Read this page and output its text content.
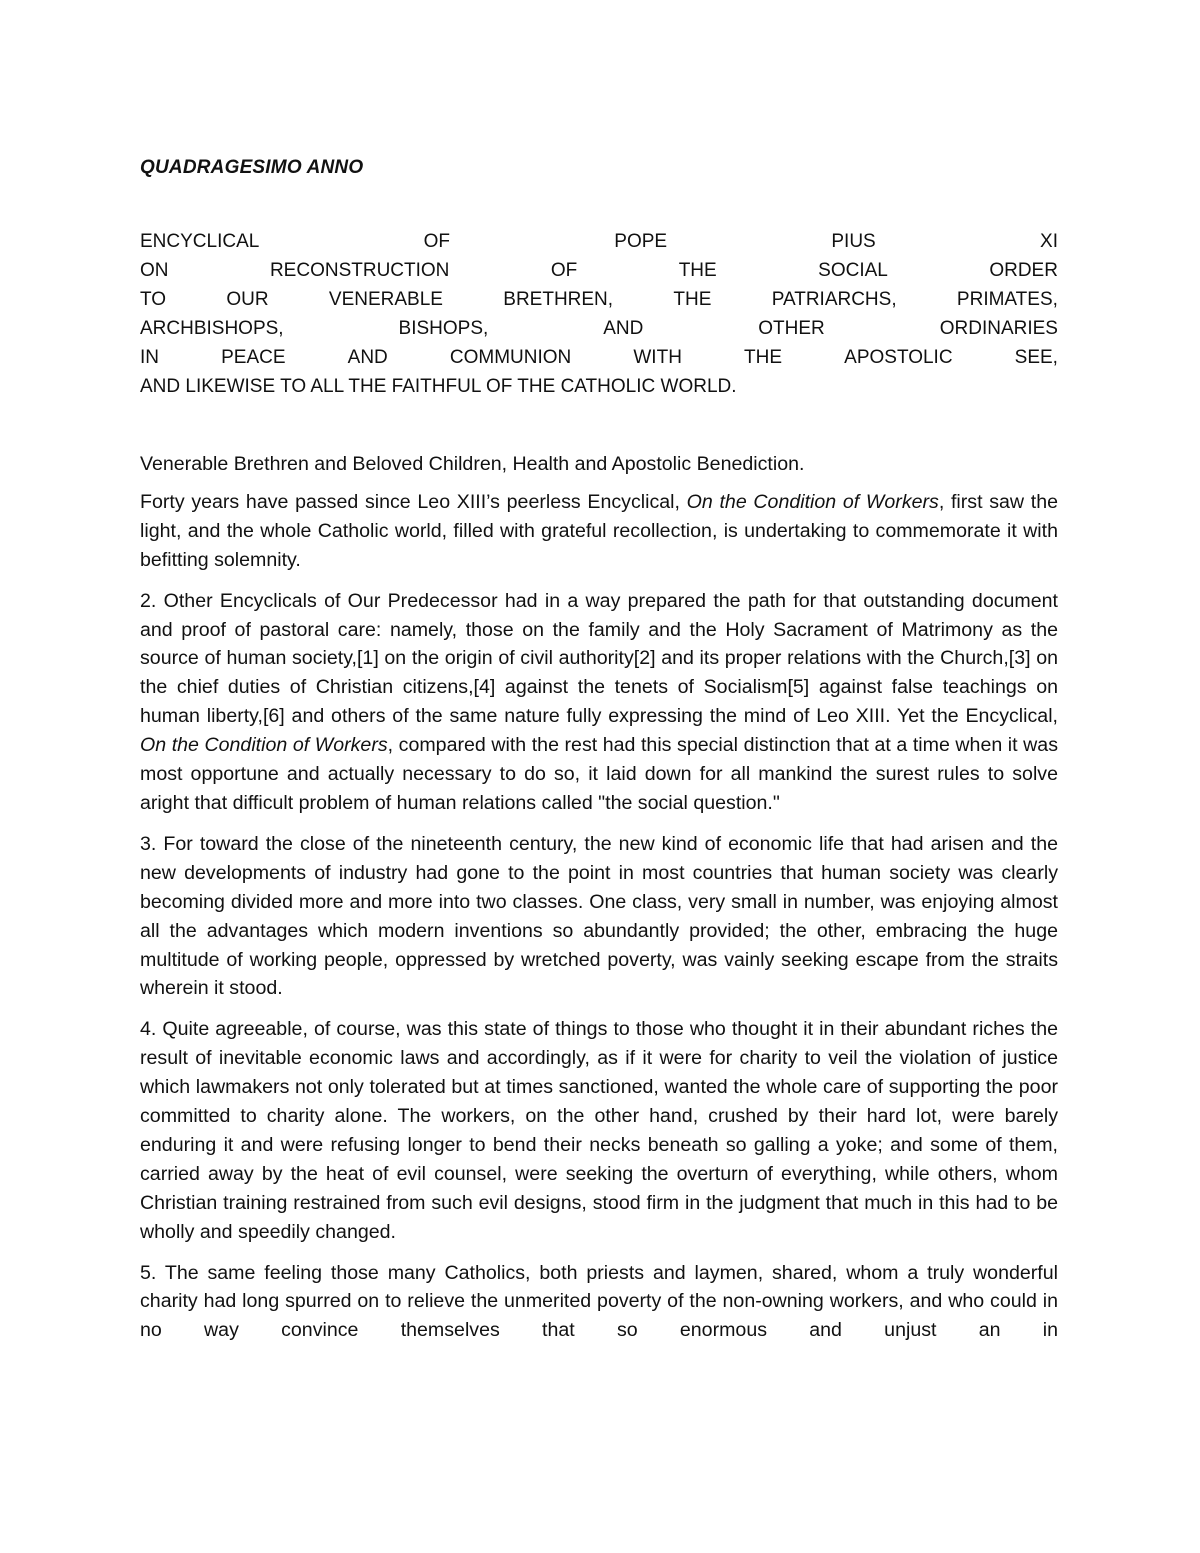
QUADRAGESIMO ANNO
ENCYCLICAL	OF	POPE	PIUS	XI
ON	RECONSTRUCTION	OF	THE	SOCIAL	ORDER
TO	OUR	VENERABLE	BRETHREN,	THE	PATRIARCHS,	PRIMATES,
ARCHBISHOPS,	BISHOPS,	AND	OTHER	ORDINARIES
IN	PEACE	AND	COMMUNION	WITH	THE	APOSTOLIC	SEE,
AND LIKEWISE TO ALL THE FAITHFUL OF THE CATHOLIC WORLD.

Venerable Brethren and Beloved Children, Health and Apostolic Benediction.

Forty years have passed since Leo XIII’s peerless Encyclical, On the Condition of Workers, first saw the light, and the whole Catholic world, filled with grateful recollection, is undertaking to commemorate it with befitting solemnity.

2. Other Encyclicals of Our Predecessor had in a way prepared the path for that outstanding document and proof of pastoral care: namely, those on the family and the Holy Sacrament of Matrimony as the source of human society,[1] on the origin of civil authority[2] and its proper relations with the Church,[3] on the chief duties of Christian citizens,[4] against the tenets of Socialism[5] against false teachings on human liberty,[6] and others of the same nature fully expressing the mind of Leo XIII. Yet the Encyclical, On the Condition of Workers, compared with the rest had this special distinction that at a time when it was most opportune and actually necessary to do so, it laid down for all mankind the surest rules to solve aright that difficult problem of human relations called "the social question."

3. For toward the close of the nineteenth century, the new kind of economic life that had arisen and the new developments of industry had gone to the point in most countries that human society was clearly becoming divided more and more into two classes. One class, very small in number, was enjoying almost all the advantages which modern inventions so abundantly provided; the other, embracing the huge multitude of working people, oppressed by wretched poverty, was vainly seeking escape from the straits wherein it stood.

4. Quite agreeable, of course, was this state of things to those who thought it in their abundant riches the result of inevitable economic laws and accordingly, as if it were for charity to veil the violation of justice which lawmakers not only tolerated but at times sanctioned, wanted the whole care of supporting the poor committed to charity alone. The workers, on the other hand, crushed by their hard lot, were barely enduring it and were refusing longer to bend their necks beneath so galling a yoke; and some of them, carried away by the heat of evil counsel, were seeking the overturn of everything, while others, whom Christian training restrained from such evil designs, stood firm in the judgment that much in this had to be wholly and speedily changed.

5. The same feeling those many Catholics, both priests and laymen, shared, whom a truly wonderful charity had long spurred on to relieve the unmerited poverty of the non-owning workers, and who could in no way convince themselves that so enormous and unjust an in
